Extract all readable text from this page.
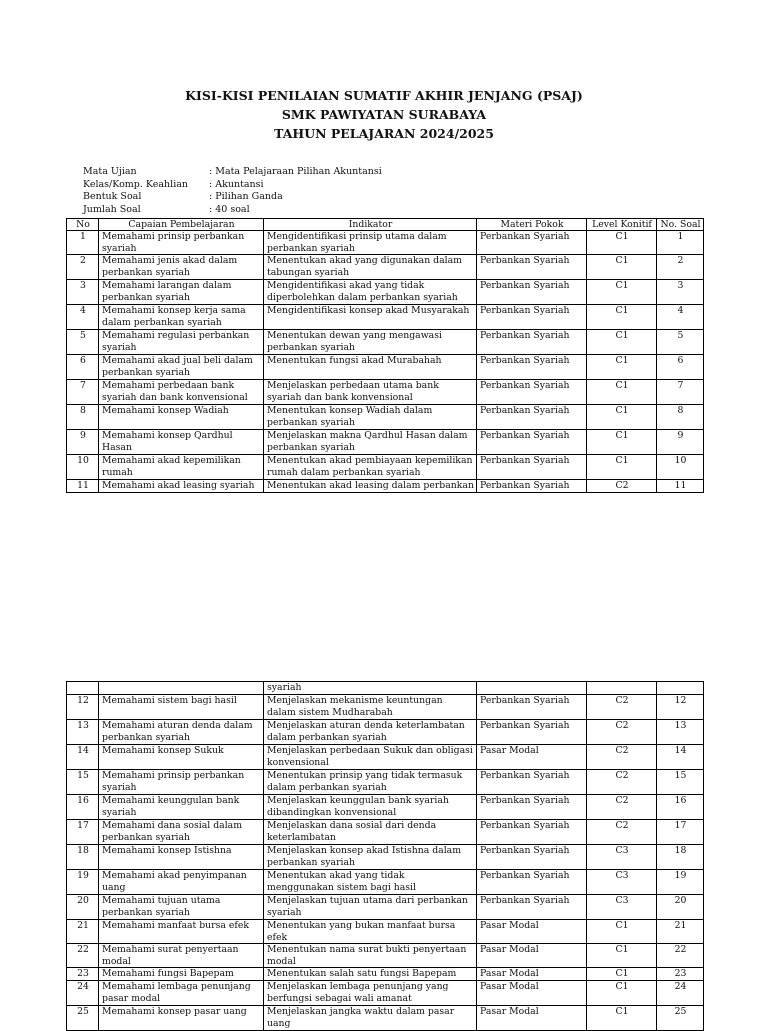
KISI-KISI PENILAIAN SUMATIF AKHIR JENJANG (PSAJ)
SMK PAWIYATAN SURABAYA
TAHUN PELAJARAN 2024/2025
Mata Ujian	: Mata Pelajaraan Pilihan Akuntansi
Kelas/Komp. Keahlian	: Akuntansi
Bentuk Soal	: Pilihan Ganda
Jumlah Soal	: 40 soal
No	Capaian Pembelajaran	Indikator	Materi Pokok	Level Konitif	No. Soal
1	Memahami prinsip perbankan syariah	Mengidentifikasi prinsip utama dalam perbankan syariah	Perbankan Syariah	C1	1
2	Memahami jenis akad dalam perbankan syariah	Menentukan akad yang digunakan dalam tabungan syariah	Perbankan Syariah	C1	2
3	Memahami larangan dalam perbankan syariah	Mengidentifikasi akad yang tidak diperbolehkan dalam perbankan syariah	Perbankan Syariah	C1	3
4	Memahami konsep kerja sama dalam perbankan syariah	Mengidentifikasi konsep akad Musyarakah	Perbankan Syariah	C1	4
5	Memahami regulasi perbankan syariah	Menentukan dewan yang mengawasi perbankan syariah	Perbankan Syariah	C1	5
6	Memahami akad jual beli dalam perbankan syariah	Menentukan fungsi akad Murabahah	Perbankan Syariah	C1	6
7	Memahami perbedaan bank syariah dan bank konvensional	Menjelaskan perbedaan utama bank syariah dan bank konvensional	Perbankan Syariah	C1	7
8	Memahami konsep Wadiah	Menentukan konsep Wadiah dalam perbankan syariah	Perbankan Syariah	C1	8
9	Memahami konsep Qardhul Hasan	Menjelaskan makna Qardhul Hasan dalam perbankan syariah	Perbankan Syariah	C1	9
10	Memahami akad kepemilikan rumah	Menentukan akad pembiayaan kepemilikan rumah dalam perbankan syariah	Perbankan Syariah	C1	10
11	Memahami akad leasing syariah	Menentukan akad leasing dalam perbankan	Perbankan Syariah	C2	11
		syariah			
12	Memahami sistem bagi hasil	Menjelaskan mekanisme keuntungan dalam sistem Mudharabah	Perbankan Syariah	C2	12
13	Memahami aturan denda dalam perbankan syariah	Menjelaskan aturan denda keterlambatan dalam perbankan syariah	Perbankan Syariah	C2	13
14	Memahami konsep Sukuk	Menjelaskan perbedaan Sukuk dan obligasi konvensional	Pasar Modal	C2	14
15	Memahami prinsip perbankan syariah	Menentukan prinsip yang tidak termasuk dalam perbankan syariah	Perbankan Syariah	C2	15
16	Memahami keunggulan bank syariah	Menjelaskan keunggulan bank syariah dibandingkan konvensional	Perbankan Syariah	C2	16
17	Memahami dana sosial dalam perbankan syariah	Menjelaskan dana sosial dari denda keterlambatan	Perbankan Syariah	C2	17
18	Memahami konsep Istishna	Menjelaskan konsep akad Istishna dalam perbankan syariah	Perbankan Syariah	C3	18
19	Memahami akad penyimpanan uang	Menentukan akad yang tidak menggunakan sistem bagi hasil	Perbankan Syariah	C3	19
20	Memahami tujuan utama perbankan syariah	Menjelaskan tujuan utama dari perbankan syariah	Perbankan Syariah	C3	20
21	Memahami manfaat bursa efek	Menentukan yang bukan manfaat bursa efek	Pasar Modal	C1	21
22	Memahami surat penyertaan modal	Menentukan nama surat bukti penyertaan modal	Pasar Modal	C1	22
23	Memahami fungsi Bapepam	Menentukan salah satu fungsi Bapepam	Pasar Modal	C1	23
24	Memahami lembaga penunjang pasar modal	Menjelaskan lembaga penunjang yang berfungsi sebagai wali amanat	Pasar Modal	C1	24
25	Memahami konsep pasar uang	Menjelaskan jangka waktu dalam pasar uang	Pasar Modal	C1	25
